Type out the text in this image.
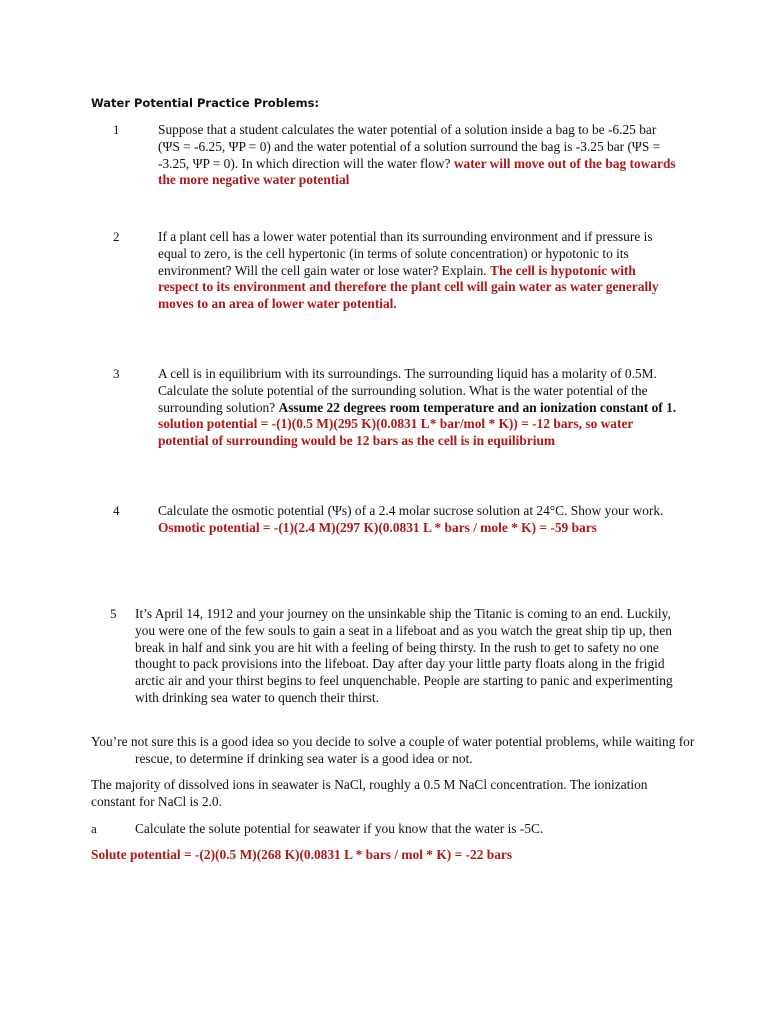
Water Potential Practice Problems:
1	Suppose that a student calculates the water potential of a solution inside a bag to be -6.25 bar (ΨS = -6.25, ΨP = 0) and the water potential of a solution surround the bag is -3.25 bar (ΨS = -3.25, ΨP = 0). In which direction will the water flow? water will move out of the bag towards the more negative water potential
2	If a plant cell has a lower water potential than its surrounding environment and if pressure is equal to zero, is the cell hypertonic (in terms of solute concentration) or hypotonic to its environment? Will the cell gain water or lose water? Explain. The cell is hypotonic with respect to its environment and therefore the plant cell will gain water as water generally moves to an area of lower water potential.
3	A cell is in equilibrium with its surroundings. The surrounding liquid has a molarity of 0.5M. Calculate the solute potential of the surrounding solution. What is the water potential of the surrounding solution? Assume 22 degrees room temperature and an ionization constant of 1. solution potential = -(1)(0.5 M)(295 K)(0.0831 L* bar/mol * K)) = -12 bars, so water potential of surrounding would be 12 bars as the cell is in equilibrium
4	Calculate the osmotic potential (Ψs) of a 2.4 molar sucrose solution at 24°C. Show your work. Osmotic potential = -(1)(2.4 M)(297 K)(0.0831 L * bars / mole * K) = -59 bars
5 It’s April 14, 1912 and your journey on the unsinkable ship the Titanic is coming to an end. Luckily, you were one of the few souls to gain a seat in a lifeboat and as you watch the great ship tip up, then break in half and sink you are hit with a feeling of being thirsty. In the rush to get to safety no one thought to pack provisions into the lifeboat. Day after day your little party floats along in the frigid arctic air and your thirst begins to feel unquenchable. People are starting to panic and experimenting with drinking sea water to quench their thirst.
You’re not sure this is a good idea so you decide to solve a couple of water potential problems, while waiting for rescue, to determine if drinking sea water is a good idea or not.
The majority of dissolved ions in seawater is NaCl, roughly a 0.5 M NaCl concentration. The ionization constant for NaCl is 2.0.
a	Calculate the solute potential for seawater if you know that the water is -5C.
Solute potential = -(2)(0.5 M)(268 K)(0.0831 L * bars / mol * K) = -22 bars
